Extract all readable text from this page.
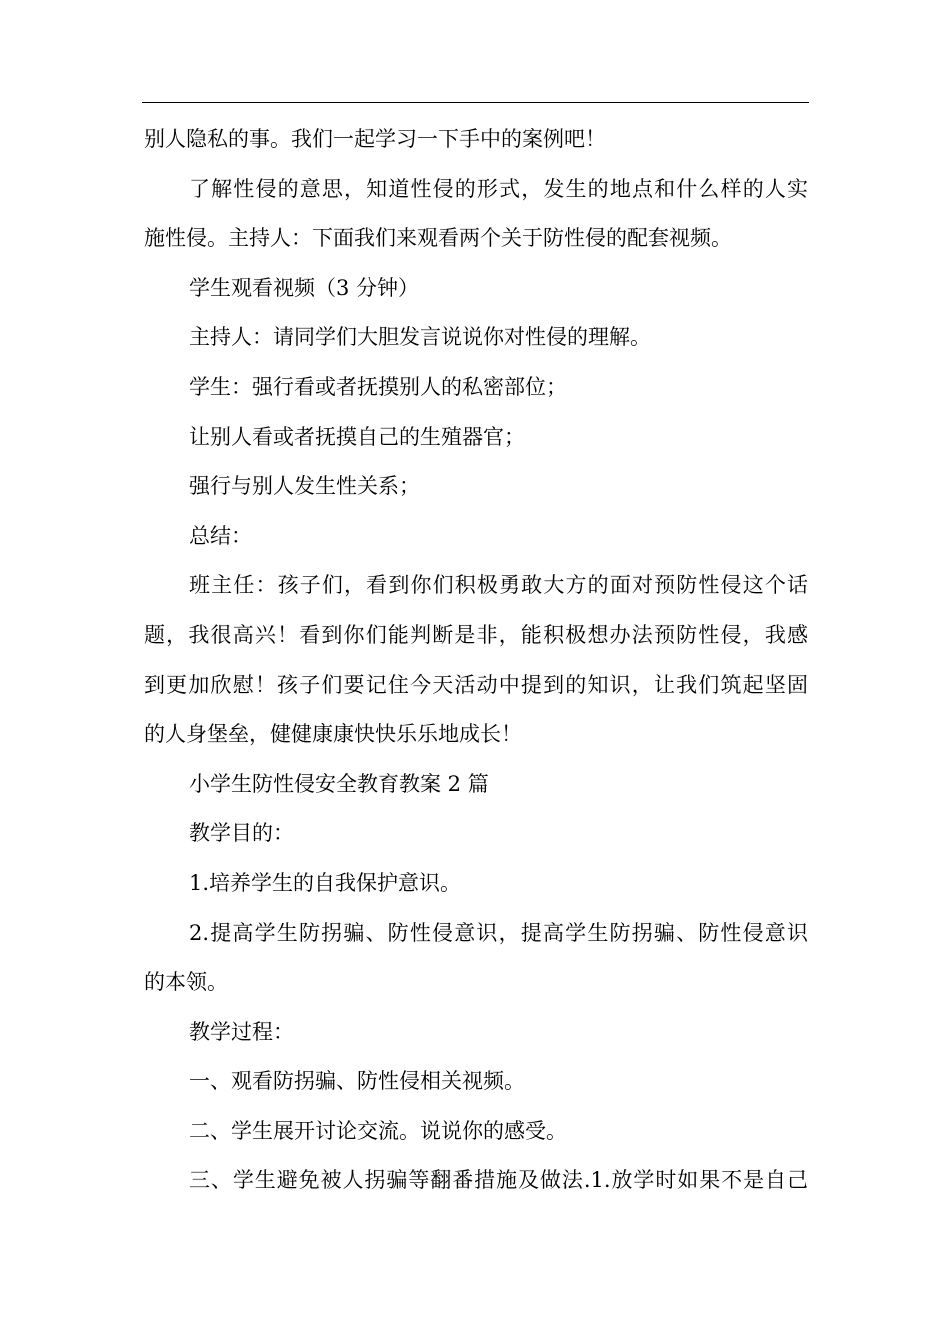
别人隐私的事。我们一起学习一下手中的案例吧！
了解性侵的意思，知道性侵的形式，发生的地点和什么样的人实
施性侵。主持人：下面我们来观看两个关于防性侵的配套视频。
学生观看视频（3 分钟）
主持人：请同学们大胆发言说说你对性侵的理解。
学生：强行看或者抚摸别人的私密部位；
让别人看或者抚摸自己的生殖器官；
强行与别人发生性关系；
总结：
班主任：孩子们，看到你们积极勇敢大方的面对预防性侵这个话
题，我很高兴！看到你们能判断是非，能积极想办法预防性侵，我感
到更加欣慰！孩子们要记住今天活动中提到的知识，让我们筑起坚固
的人身堡垒，健健康康快快乐乐地成长！
小学生防性侵安全教育教案 2 篇
教学目的：
1.培养学生的自我保护意识。
2.提高学生防拐骗、防性侵意识，提高学生防拐骗、防性侵意识
的本领。
教学过程：
一、观看防拐骗、防性侵相关视频。
二、学生展开讨论交流。说说你的感受。
三、学生避免被人拐骗等翻番措施及做法.1.放学时如果不是自己
